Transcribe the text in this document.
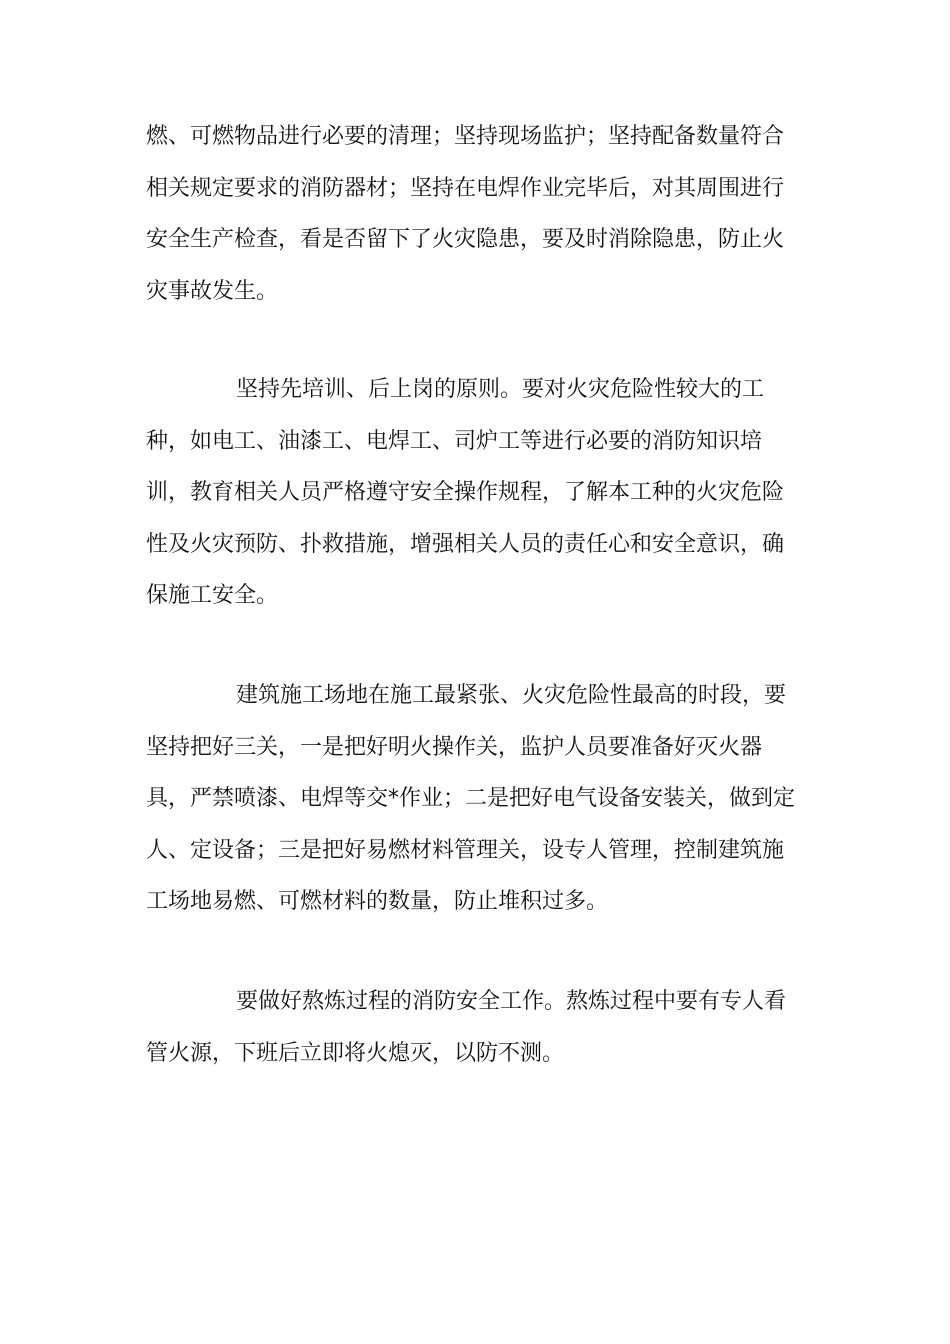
燃、可燃物品进行必要的清理；坚持现场监护；坚持配备数量符合
相关规定要求的消防器材；坚持在电焊作业完毕后，对其周围进行
安全生产检查，看是否留下了火灾隐患，要及时消除隐患，防止火
灾事故发生。

坚持先培训、后上岗的原则。要对火灾危险性较大的工
种，如电工、油漆工、电焊工、司炉工等进行必要的消防知识培
训，教育相关人员严格遵守安全操作规程，了解本工种的火灾危险
性及火灾预防、扑救措施，增强相关人员的责任心和安全意识，确
保施工安全。

建筑施工场地在施工最紧张、火灾危险性最高的时段，要
坚持把好三关，一是把好明火操作关，监护人员要准备好灭火器
具，严禁喷漆、电焊等交*作业；二是把好电气设备安装关，做到定
人、定设备；三是把好易燃材料管理关，设专人管理，控制建筑施
工场地易燃、可燃材料的数量，防止堆积过多。

要做好熬炼过程的消防安全工作。熬炼过程中要有专人看
管火源，下班后立即将火熄灭，以防不测。
